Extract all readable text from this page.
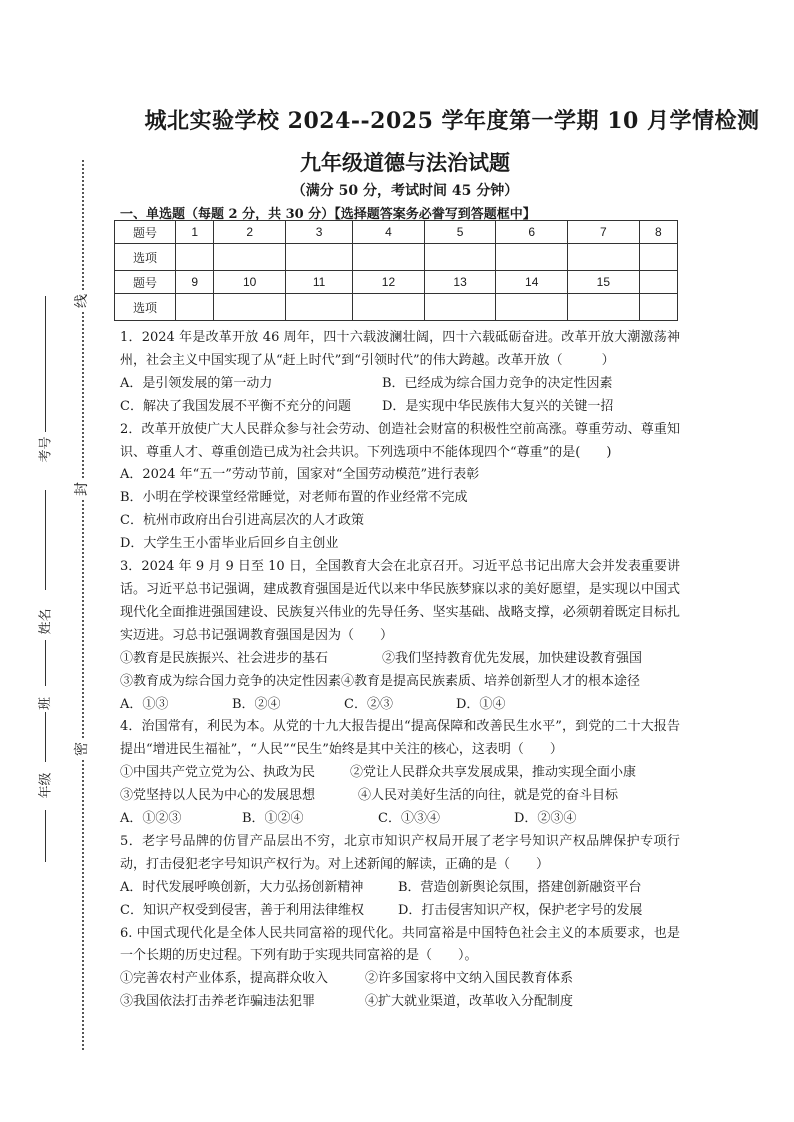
线
封
密
考号
姓名
班
年级
城北实验学校 2024--2025 学年度第一学期 10 月学情检测
九年级道德与法治试题
（满分 50 分，考试时间 45 分钟）
一、单选题（每题 2 分，共 30 分）【选择题答案务必誊写到答题框中】
题号	1	2	3	4	5	6	7	8
选项								
题号	9	10	11	12	13	14	15	
选项								

1．2024 年是改革开放 46 周年，四十六载波澜壮阔，四十六载砥砺奋进。改革开放大潮激荡神州，社会主义中国实现了从“赶上时代”到“引领时代”的伟大跨越。改革开放（　　　）

A．是引领发展的第一动力	B．已经成为综合国力竞争的决定性因素
C．解决了我国发展不平衡不充分的问题	D．是实现中华民族伟大复兴的关键一招

2．改革开放使广大人民群众参与社会劳动、创造社会财富的积极性空前高涨。尊重劳动、尊重知识、尊重人才、尊重创造已成为社会共识。下列选项中不能体现四个“尊重”的是(　　)

A．2024 年“五一”劳动节前，国家对“全国劳动模范”进行表彰

B．小明在学校课堂经常睡觉，对老师布置的作业经常不完成

C．杭州市政府出台引进高层次的人才政策

D．大学生王小雷毕业后回乡自主创业

3．2024 年 9 月 9 日至 10 日，全国教育大会在北京召开。习近平总书记出席大会并发表重要讲话。习近平总书记强调，建成教育强国是近代以来中华民族梦寐以求的美好愿望，是实现以中国式现代化全面推进强国建设、民族复兴伟业的先导任务、坚实基础、战略支撑，必须朝着既定目标扎实迈进。习总书记强调教育强国是因为（　　）

①教育是民族振兴、社会进步的基石	②我们坚持教育优先发展，加快建设教育强国

③教育成为综合国力竞争的决定性因素④教育是提高民族素质、培养创新型人才的根本途径

A．①③	B．②④	C．②③	D．①④

4．治国常有，利民为本。从党的十九大报告提出“提高保障和改善民生水平”，到党的二十大报告提出“增进民生福祉”，“人民”“民生”始终是其中关注的核心，这表明（　　）

①中国共产党立党为公、执政为民	②党让人民群众共享发展成果，推动实现全面小康
③党坚持以人民为中心的发展思想	④人民对美好生活的向往，就是党的奋斗目标
A．①②③	B．①②④	C．①③④	D．②③④

5．老字号品牌的仿冒产品层出不穷，北京市知识产权局开展了老字号知识产权品牌保护专项行动，打击侵犯老字号知识产权行为。对上述新闻的解读，正确的是（　　）

A．时代发展呼唤创新，大力弘扬创新精神	B．营造创新舆论氛围，搭建创新融资平台
C．知识产权受到侵害，善于利用法律维权	D．打击侵害知识产权，保护老字号的发展

6. 中国式现代化是全体人民共同富裕的现代化。共同富裕是中国特色社会主义的本质要求，也是一个长期的历史过程。下列有助于实现共同富裕的是（　　）。

①完善农村产业体系，提高群众收入	②许多国家将中文纳入国民教育体系
③我国依法打击养老诈骗违法犯罪	④扩大就业渠道，改革收入分配制度
